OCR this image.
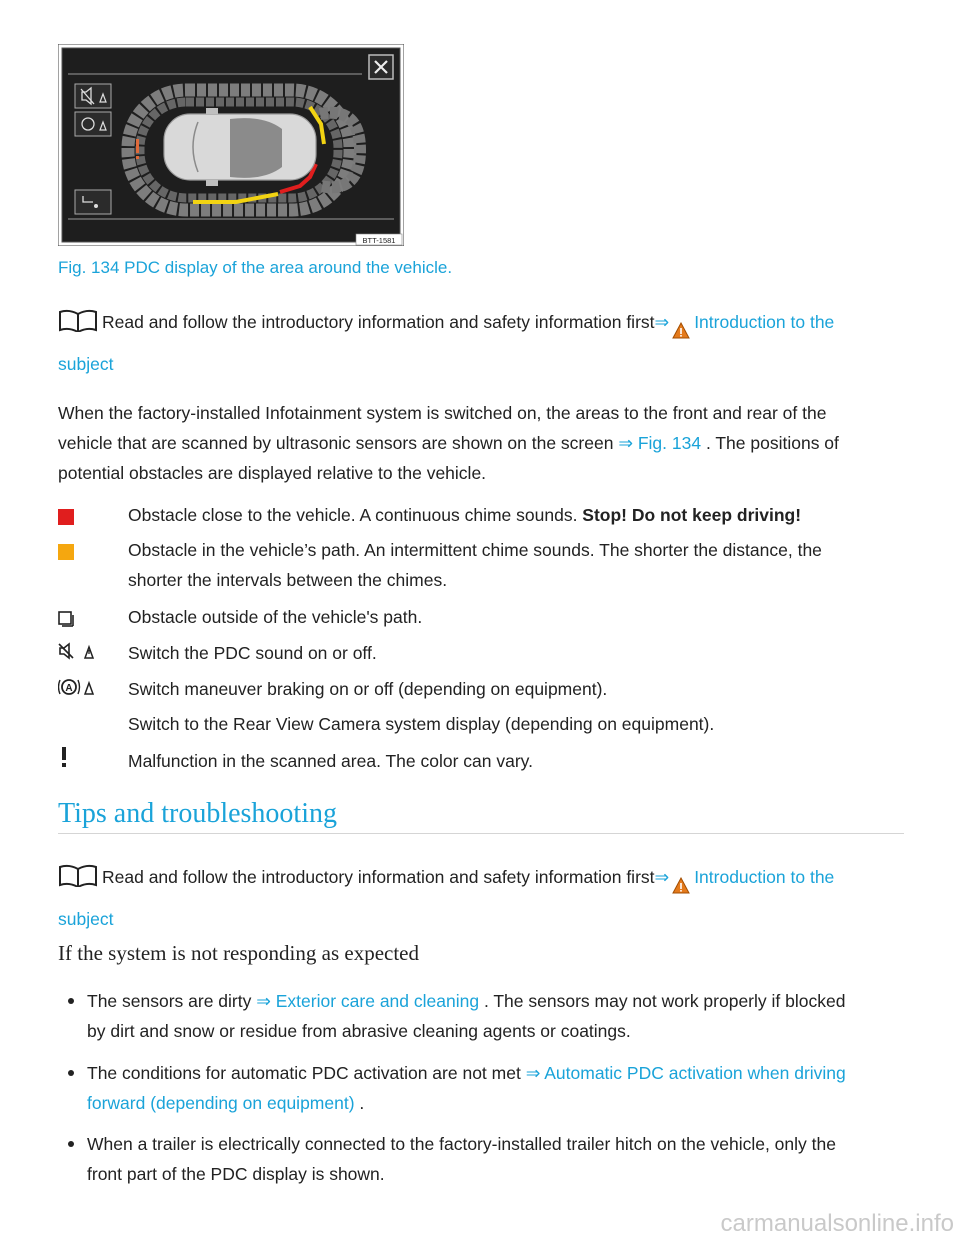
BTT-1581
Fig. 134 PDC display of the area around the vehicle.
Read and follow the introductory information and safety information first⇒ Introduction to the
subject
When the factory-installed Infotainment system is switched on, the areas to the front and rear of the
vehicle that are scanned by ultrasonic sensors are shown on the screen ⇒ Fig. 134 . The positions of
potential obstacles are displayed relative to the vehicle.
Obstacle close to the vehicle. A continuous chime sounds. Stop! Do not keep driving!
Obstacle in the vehicle’s path. An intermittent chime sounds. The shorter the distance, the
shorter the intervals between the chimes.
Obstacle outside of the vehicle's path.
Switch the PDC sound on or off.
A	Switch maneuver braking on or off (depending on equipment).
Switch to the Rear View Camera system display (depending on equipment).
Malfunction in the scanned area. The color can vary.
Tips and troubleshooting
Read and follow the introductory information and safety information first⇒ Introduction to the
subject
If the system is not responding as expected
The sensors are dirty ⇒ Exterior care and cleaning . The sensors may not work properly if blocked
by dirt and snow or residue from abrasive cleaning agents or coatings.
The conditions for automatic PDC activation are not met ⇒ Automatic PDC activation when driving
forward (depending on equipment) .
When a trailer is electrically connected to the factory-installed trailer hitch on the vehicle, only the
front part of the PDC display is shown.
carmanualsonline.info
